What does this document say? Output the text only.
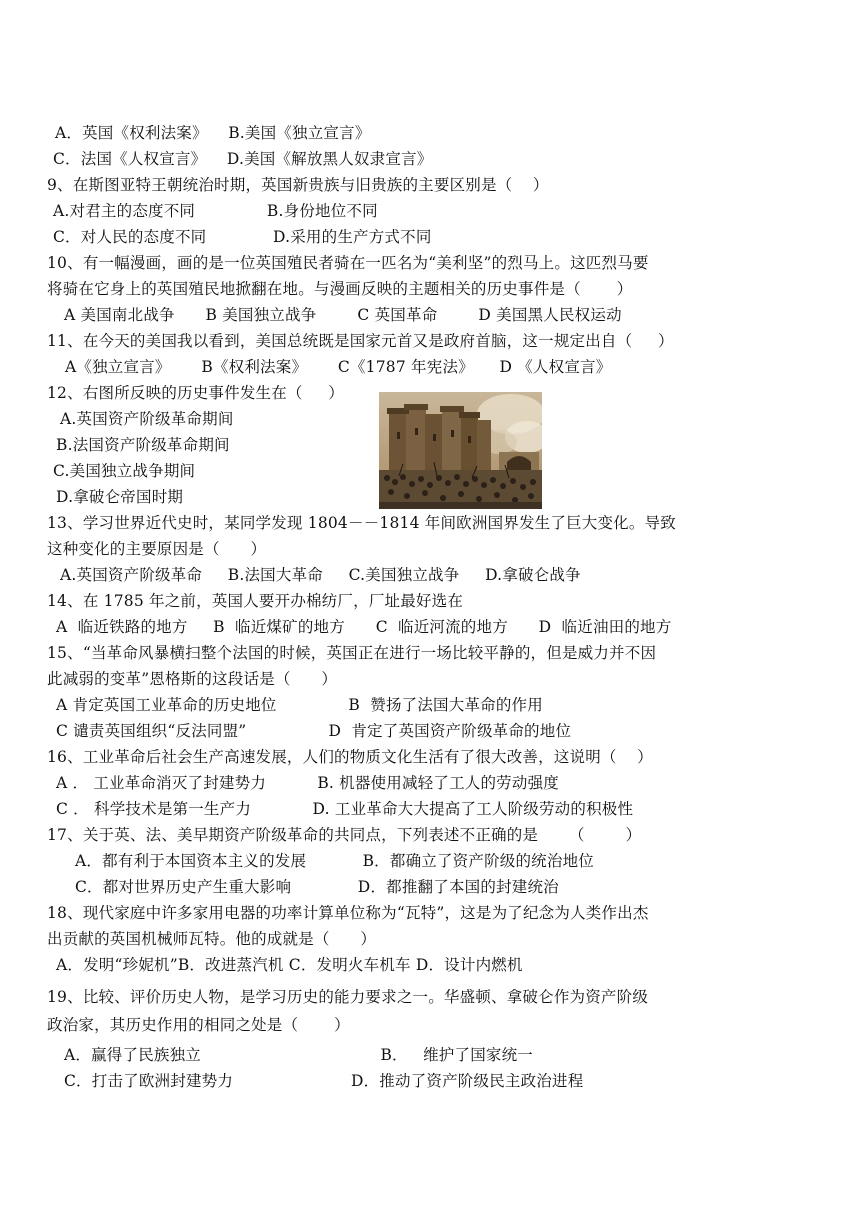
A．英国《权利法案》    B.美国《独立宣言》
C．法国《人权宣言》    D.美国《解放黑人奴隶宣言》
9、在斯图亚特王朝统治时期，英国新贵族与旧贵族的主要区别是（    ）
A.对君主的态度不同              B.身份地位不同
C．对人民的态度不同             D.采用的生产方式不同
10、有一幅漫画，画的是一位英国殖民者骑在一匹名为“美利坚”的烈马上。这匹烈马要
将骑在它身上的英国殖民地掀翻在地。与漫画反映的主题相关的历史事件是（       ）
A 美国南北战争      B 美国独立战争        C 英国革命        D 美国黑人民权运动
11、在今天的美国我以看到，美国总统既是国家元首又是政府首脑，这一规定出自（     ）
A《独立宣言》      B《权利法案》      C《1787 年宪法》     D 《人权宣言》
12、右图所反映的历史事件发生在（     ）
A.英国资产阶级革命期间
B.法国资产阶级革命期间
C.美国独立战争期间
D.拿破仑帝国时期
13、学习世界近代史时，某同学发现 1804－－1814 年间欧洲国界发生了巨大变化。导致
这种变化的主要原因是（      ）
A.英国资产阶级革命     B.法国大革命     C.美国独立战争     D.拿破仑战争
14、在 1785 年之前，英国人要开办棉纺厂，厂址最好选在
A  临近铁路的地方     B  临近煤矿的地方      C  临近河流的地方      D  临近油田的地方
15、“当革命风暴横扫整个法国的时候，英国正在进行一场比较平静的，但是威力并不因
此减弱的变革”恩格斯的这段话是（      ）
A 肯定英国工业革命的历史地位              B  赞扬了法国大革命的作用
C 谴责英国组织“反法同盟”                D  肯定了英国资产阶级革命的地位
16、工业革命后社会生产高速发展，人们的物质文化生活有了很大改善，这说明（    ）
A ． 工业革命消灭了封建势力          B. 机器使用减轻了工人的劳动强度
C ． 科学技术是第一生产力            D. 工业革命大大提高了工人阶级劳动的积极性
17、关于英、法、美早期资产阶级革命的共同点，下列表述不正确的是      （        ）
A．都有利于本国资本主义的发展           B．都确立了资产阶级的统治地位
C．都对世界历史产生重大影响             D．都推翻了本国的封建统治
18、现代家庭中许多家用电器的功率计算单位称为“瓦特”，这是为了纪念为人类作出杰
出贡献的英国机械师瓦特。他的成就是（      ）
A．发明“珍妮机”B．改进蒸汽机 C．发明火车机车 D．设计内燃机
19、比较、评价历史人物，是学习历史的能力要求之一。华盛顿、拿破仑作为资产阶级
政治家，其历史作用的相同之处是（       ）
A．赢得了民族独立                                   B．   维护了国家统一
C．打击了欧洲封建势力                       D．推动了资产阶级民主政治进程
